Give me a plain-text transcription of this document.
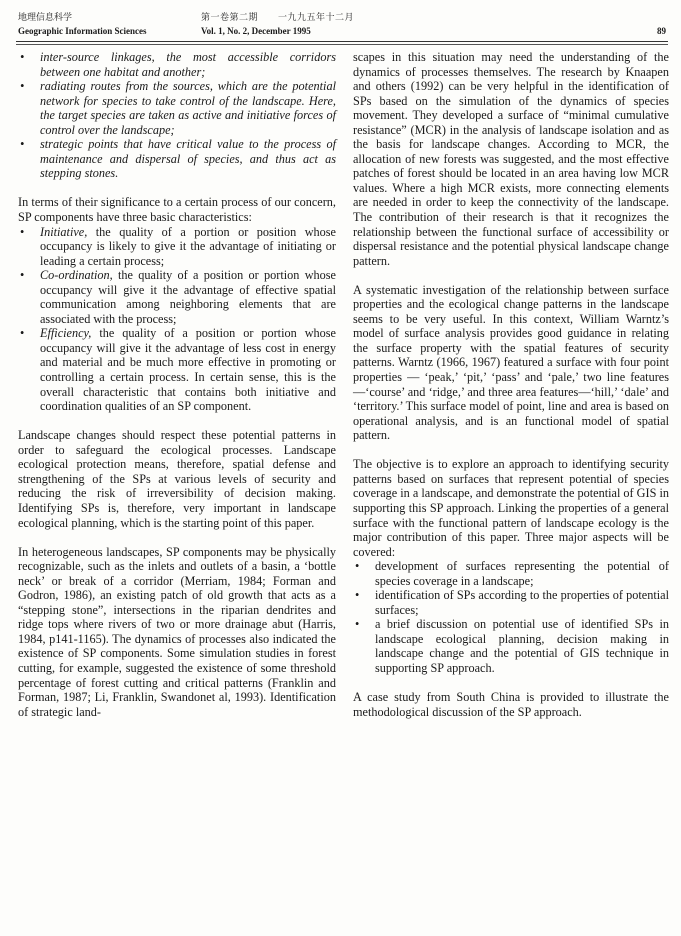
地理信息科学	第一卷第二期 一九九五年十二月
Geographic Information Sciences	Vol. 1, No. 2, December 1995	89
• inter-source linkages, the most accessible corridors between one habitat and another;
• radiating routes from the sources, which are the potential network for species to take control of the landscape. Here, the target species are taken as active and initiative forces of control over the landscape;
• strategic points that have critical value to the process of maintenance and dispersal of species, and thus act as stepping stones.

In terms of their significance to a certain process of our concern, SP components have three basic characteristics:

• Initiative, the quality of a portion or position whose occupancy is likely to give it the advantage of initiating or leading a certain process;
• Co-ordination, the quality of a position or portion whose occupancy will give it the advantage of effective spatial communication among neighboring elements that are associated with the process;
• Efficiency, the quality of a position or portion whose occupancy will give it the advantage of less cost in energy and material and be much more effective in promoting or controlling a certain process. In certain sense, this is the overall characteristic that contains both initiative and coordination qualities of an SP component.

Landscape changes should respect these potential patterns in order to safeguard the ecological processes. Landscape ecological protection means, therefore, spatial defense and strengthening of the SPs at various levels of security and reducing the risk of irreversibility of decision making. Identifying SPs is, therefore, very important in landscape ecological planning, which is the starting point of this paper.

In heterogeneous landscapes, SP components may be physically recognizable, such as the inlets and outlets of a basin, a ‘bottle neck’ or break of a corridor (Merriam, 1984; Forman and Godron, 1986), an existing patch of old growth that acts as a “stepping stone”, intersections in the riparian dendrites and ridge tops where rivers of two or more drainage abut (Harris, 1984, p141-1165). The dynamics of processes also indicated the existence of SP components. Some simulation studies in forest cutting, for example, suggested the existence of some threshold percentage of forest cutting and critical patterns (Franklin and Forman, 1987; Li, Franklin, Swandonet al, 1993). Identification of strategic land-

scapes in this situation may need the understanding of the dynamics of processes themselves. The research by Knaapen and others (1992) can be very helpful in the identification of SPs based on the simulation of the dynamics of species movement. They developed a surface of “minimal cumulative resistance” (MCR) in the analysis of landscape isolation and as the basis for landscape changes. According to MCR, the allocation of new forests was suggested, and the most effective patches of forest should be located in an area having low MCR values. Where a high MCR exists, more connecting elements are needed in order to keep the connectivity of the landscape. The contribution of their research is that it recognizes the relationship between the functional surface of accessibility or dispersal resistance and the potential physical landscape change pattern.

A systematic investigation of the relationship between surface properties and the ecological change patterns in the landscape seems to be very useful. In this context, William Warntz’s model of surface analysis provides good guidance in relating the surface property with the spatial features of security patterns. Warntz (1966, 1967) featured a surface with four point properties — ‘peak,’ ‘pit,’ ‘pass’ and ‘pale,’ two line features—‘course’ and ‘ridge,’ and three area features—‘hill,’ ‘dale’ and ‘territory.’ This surface model of point, line and area is based on operational analysis, and is an functional model of spatial pattern.

The objective is to explore an approach to identifying security patterns based on surfaces that represent potential of species coverage in a landscape, and demonstrate the potential of GIS in supporting this SP approach. Linking the properties of a general surface with the functional pattern of landscape ecology is the major contribution of this paper. Three major aspects will be covered:

• development of surfaces representing the potential of species coverage in a landscape;
• identification of SPs according to the properties of potential surfaces;
• a brief discussion on potential use of identified SPs in landscape ecological planning, decision making in landscape change and the potential of GIS technique in supporting SP approach.

A case study from South China is provided to illustrate the methodological discussion of the SP approach.
